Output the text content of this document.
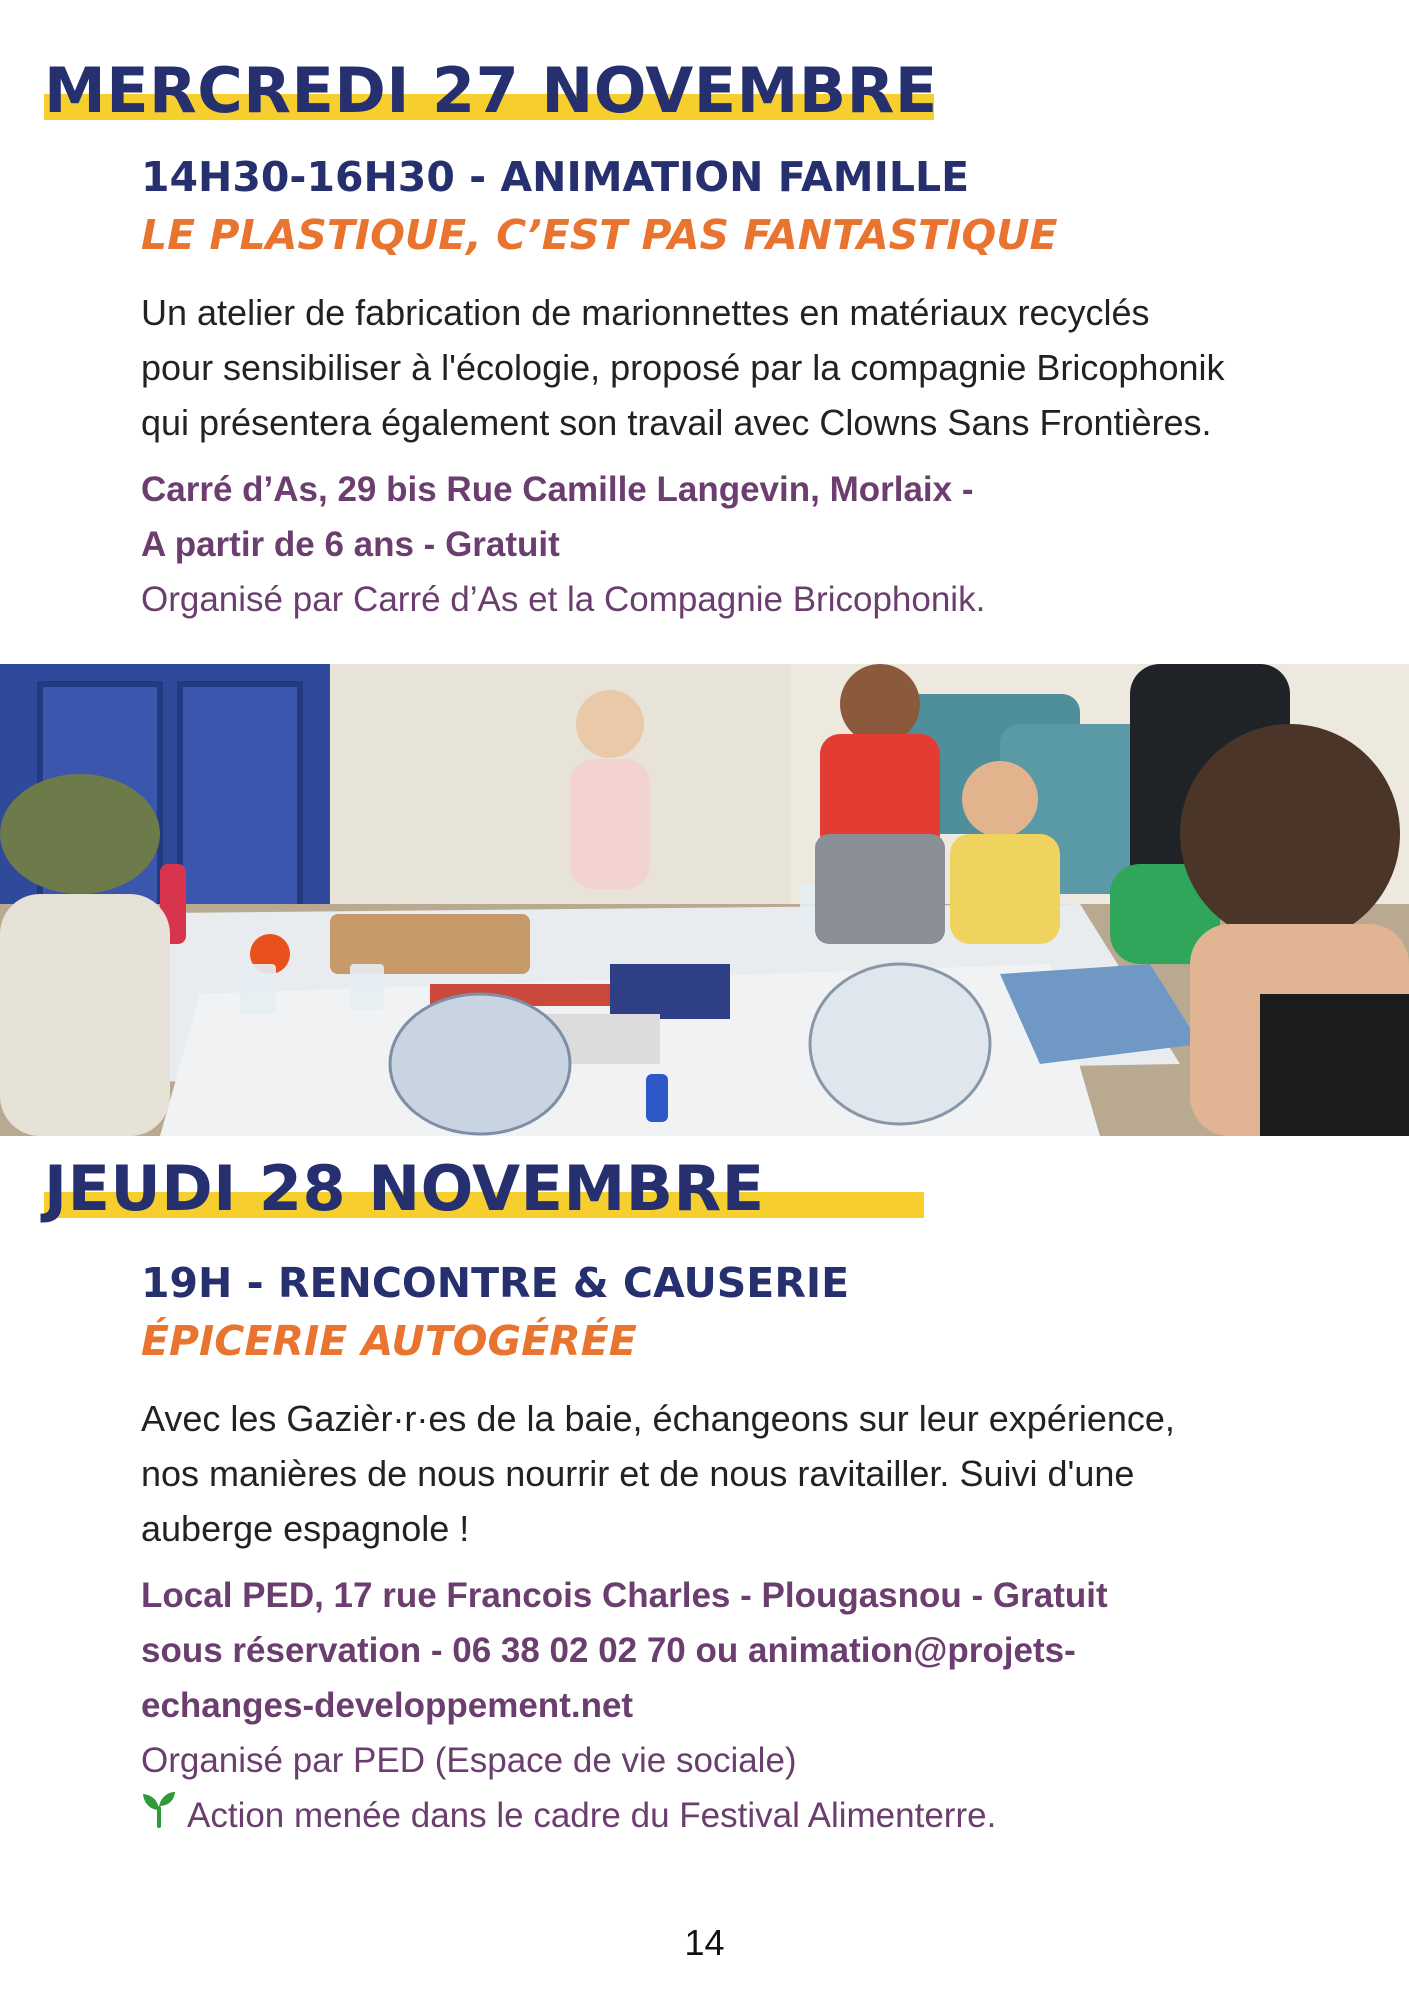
MERCREDI 27 NOVEMBRE
14H30-16H30 - ANIMATION FAMILLE
LE PLASTIQUE, C’EST PAS FANTASTIQUE
Un atelier de fabrication de marionnettes en matériaux recyclés
pour sensibiliser à l'écologie, proposé par la compagnie Bricophonik
qui présentera également son travail avec Clowns Sans Frontières.
Carré d’As, 29 bis Rue Camille Langevin, Morlaix -
A partir de 6 ans - Gratuit
Organisé par Carré d’As et la Compagnie Bricophonik.
JEUDI 28 NOVEMBRE
19H - RENCONTRE & CAUSERIE
ÉPICERIE AUTOGÉRÉE
Avec les Gazièr·r·es de la baie, échangeons sur leur expérience,
nos manières de nous nourrir et de nous ravitailler. Suivi d'une
auberge espagnole !
Local PED, 17 rue Francois Charles - Plougasnou - Gratuit
sous réservation - 06 38 02 02 70 ou animation@projets-
echanges-developpement.net
Organisé par PED (Espace de vie sociale)
Action menée dans le cadre du Festival Alimenterre.
14
